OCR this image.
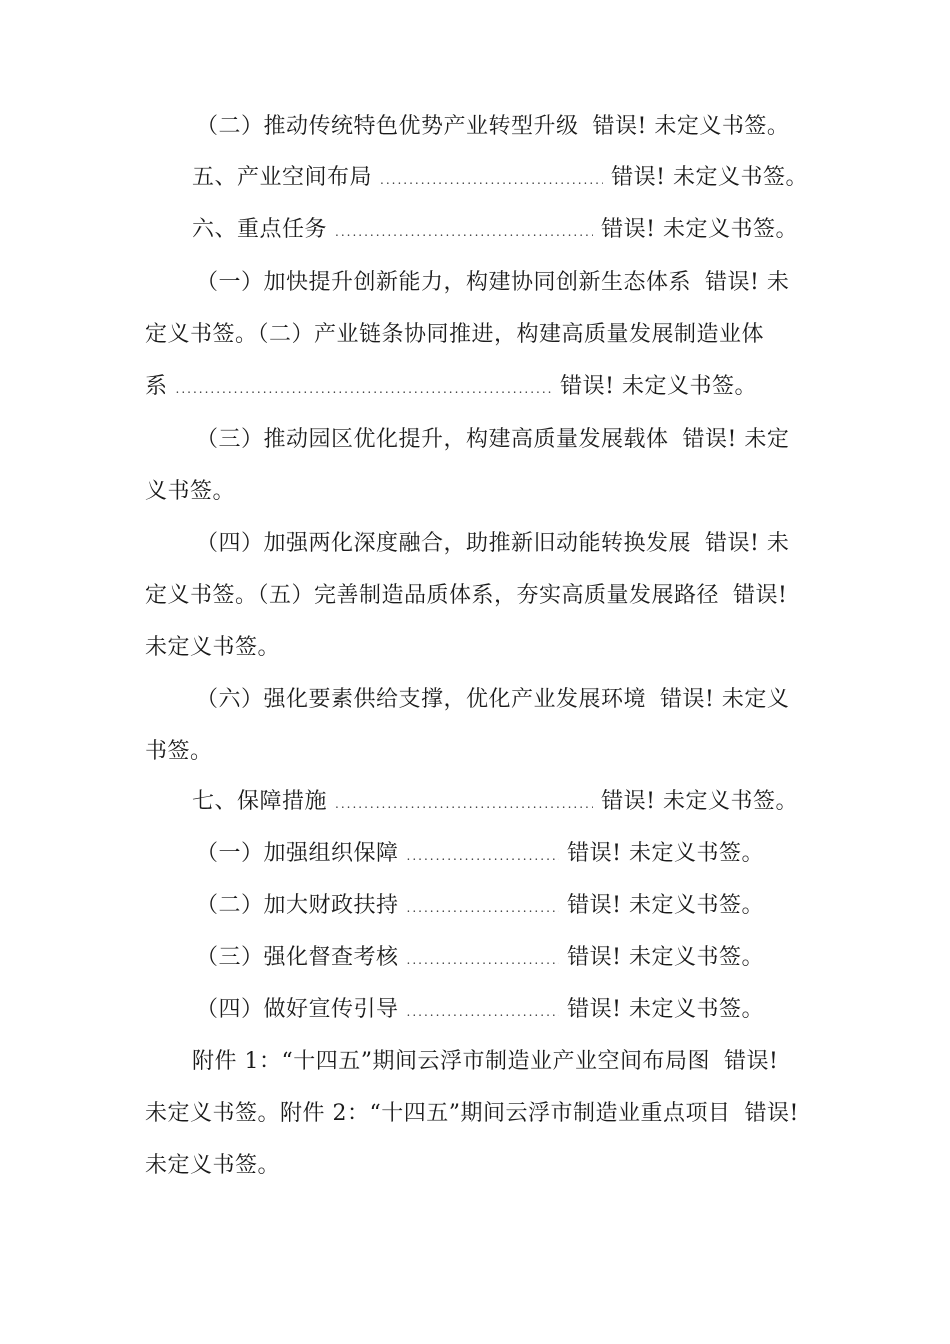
（二）推动传统特色优势产业转型升级 错误! 未定义书签。
五、产业空间布局 .....	错误! 未定义书签。
六、重点任务 .....	错误! 未定义书签。
（一）加快提升创新能力，构建协同创新生态体系 错误! 未
定义书签。（二）产业链条协同推进，构建高质量发展制造业体
系 .....	错误! 未定义书签。
（三）推动园区优化提升，构建高质量发展载体 错误! 未定
义书签。
（四）加强两化深度融合，助推新旧动能转换发展 错误! 未
定义书签。（五）完善制造品质体系，夯实高质量发展路径 错误!
未定义书签。
（六）强化要素供给支撑，优化产业发展环境 错误! 未定义
书签。
七、保障措施 .....	错误! 未定义书签。
（一）加强组织保障 .....	错误! 未定义书签。
（二）加大财政扶持 .....	错误! 未定义书签。
（三）强化督查考核 .....	错误! 未定义书签。
（四）做好宣传引导 .....	错误! 未定义书签。
附件 1：“十四五”期间云浮市制造业产业空间布局图 错误!
未定义书签。附件 2：“十四五”期间云浮市制造业重点项目 错误!
未定义书签。
